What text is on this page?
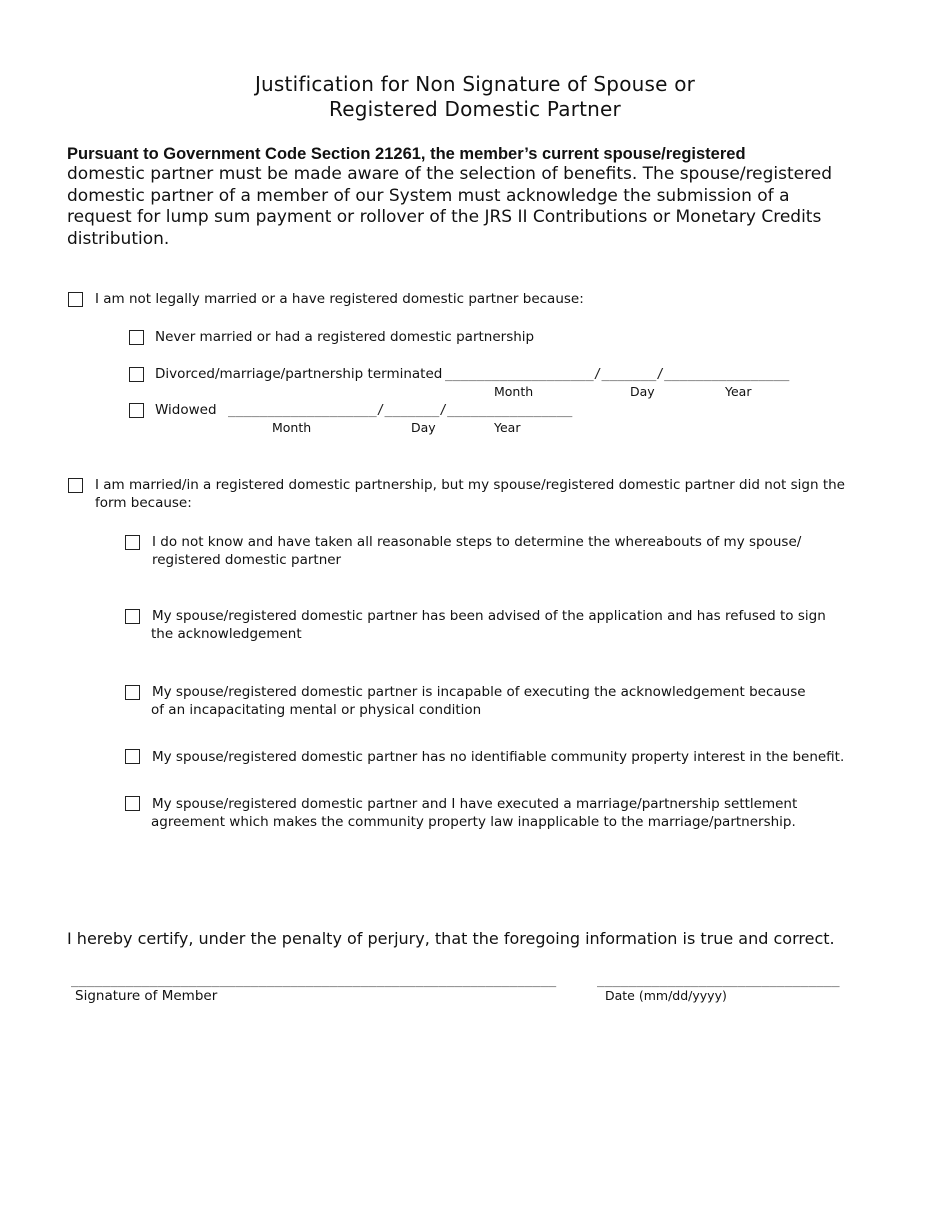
Justification for Non Signature of Spouse or
Registered Domestic Partner
Pursuant to Government Code Section 21261, the member’s current spouse/registered
domestic partner must be made aware of the selection of benefits. The spouse/registered
domestic partner of a member of our System must acknowledge the submission of a
request for lump sum payment or rollover of the JRS II Contributions or Monetary Credits
distribution.
I am not legally married or a have registered domestic partner because:
Never married or had a registered domestic partnership
Divorced/marriage/partnership terminated ___________________/_______/________________
Month	Day	Year
Widowed ___________________/_______/________________
Month	Day	Year
I am married/in a registered domestic partnership, but my spouse/registered domestic partner did not sign the
form because:
I do not know and have taken all reasonable steps to determine the whereabouts of my spouse/
registered domestic partner
My spouse/registered domestic partner has been advised of the application and has refused to sign
the acknowledgement
My spouse/registered domestic partner is incapable of executing the acknowledgement because
of an incapacitating mental or physical condition
My spouse/registered domestic partner has no identifiable community property interest in the benefit.
My spouse/registered domestic partner and I have executed a marriage/partnership settlement
agreement which makes the community property law inapplicable to the marriage/partnership.
I hereby certify, under the penalty of perjury, that the foregoing information is true and correct.
______________________________________________________________
Signature of Member
_______________________________
Date (mm/dd/yyyy)
